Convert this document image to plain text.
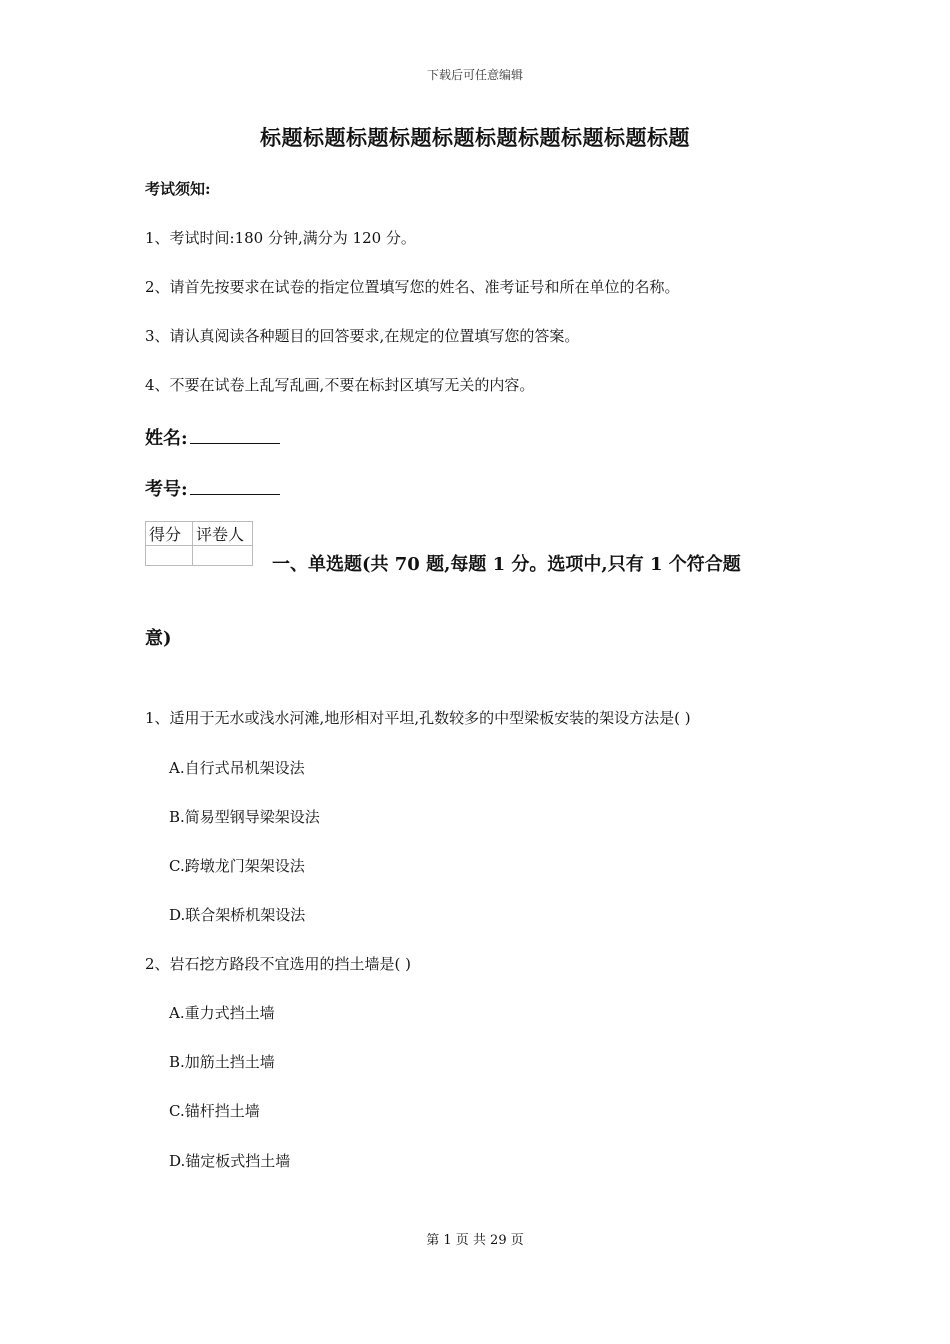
下载后可任意编辑
标题标题标题标题标题标题标题标题标题标题
考试须知:
1、考试时间:180 分钟,满分为 120 分。
2、请首先按要求在试卷的指定位置填写您的姓名、准考证号和所在单位的名称。
3、请认真阅读各种题目的回答要求,在规定的位置填写您的答案。
4、不要在试卷上乱写乱画,不要在标封区填写无关的内容。
姓名:
考号:
得分	评卷人

一、单选题(共 70 题,每题 1 分。选项中,只有 1 个符合题
意)
1、适用于无水或浅水河滩,地形相对平坦,孔数较多的中型梁板安装的架设方法是( )
A.自行式吊机架设法
B.简易型钢导梁架设法
C.跨墩龙门架架设法
D.联合架桥机架设法
2、岩石挖方路段不宜选用的挡土墙是( )
A.重力式挡土墙
B.加筋土挡土墙
C.锚杆挡土墙
D.锚定板式挡土墙
第 1 页 共 29 页
